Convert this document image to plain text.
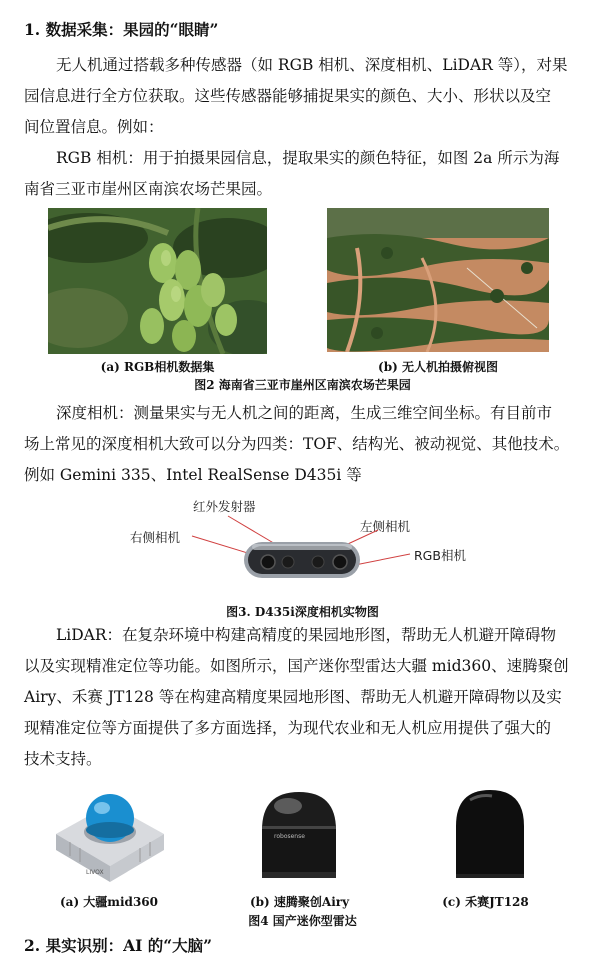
1. 数据采集：果园的“眼睛”
无人机通过搭载多种传感器（如 RGB 相机、深度相机、LiDAR 等），对果
园信息进行全方位获取。这些传感器能够捕捉果实的颜色、大小、形状以及空
间位置信息。例如：
RGB 相机：用于拍摄果园信息，提取果实的颜色特征，如图 2a 所示为海
南省三亚市崖州区南滨农场芒果园。
(a) RGB相机数据集	(b) 无人机拍摄俯视图
图2 海南省三亚市崖州区南滨农场芒果园
深度相机：测量果实与无人机之间的距离，生成三维空间坐标。有目前市
场上常见的深度相机大致可以分为四类：TOF、结构光、被动视觉、其他技术。
例如 Gemini 335、Intel RealSense D435i 等
红外发射器
右侧相机
左侧相机
RGB相机
图3. D435i深度相机实物图
LiDAR：在复杂环境中构建高精度的果园地形图，帮助无人机避开障碍物
以及实现精准定位等功能。如图所示，国产迷你型雷达大疆 mid360、速腾聚创
Airy、禾赛 JT128 等在构建高精度果园地形图、帮助无人机避开障碍物以及实
现精准定位等方面提供了多方面选择，为现代农业和无人机应用提供了强大的
技术支持。
LIVOX
robosense
(a) 大疆mid360	(b) 速腾聚创Airy	(c) 禾赛JT128
图4 国产迷你型雷达
2. 果实识别：AI 的“大脑”
